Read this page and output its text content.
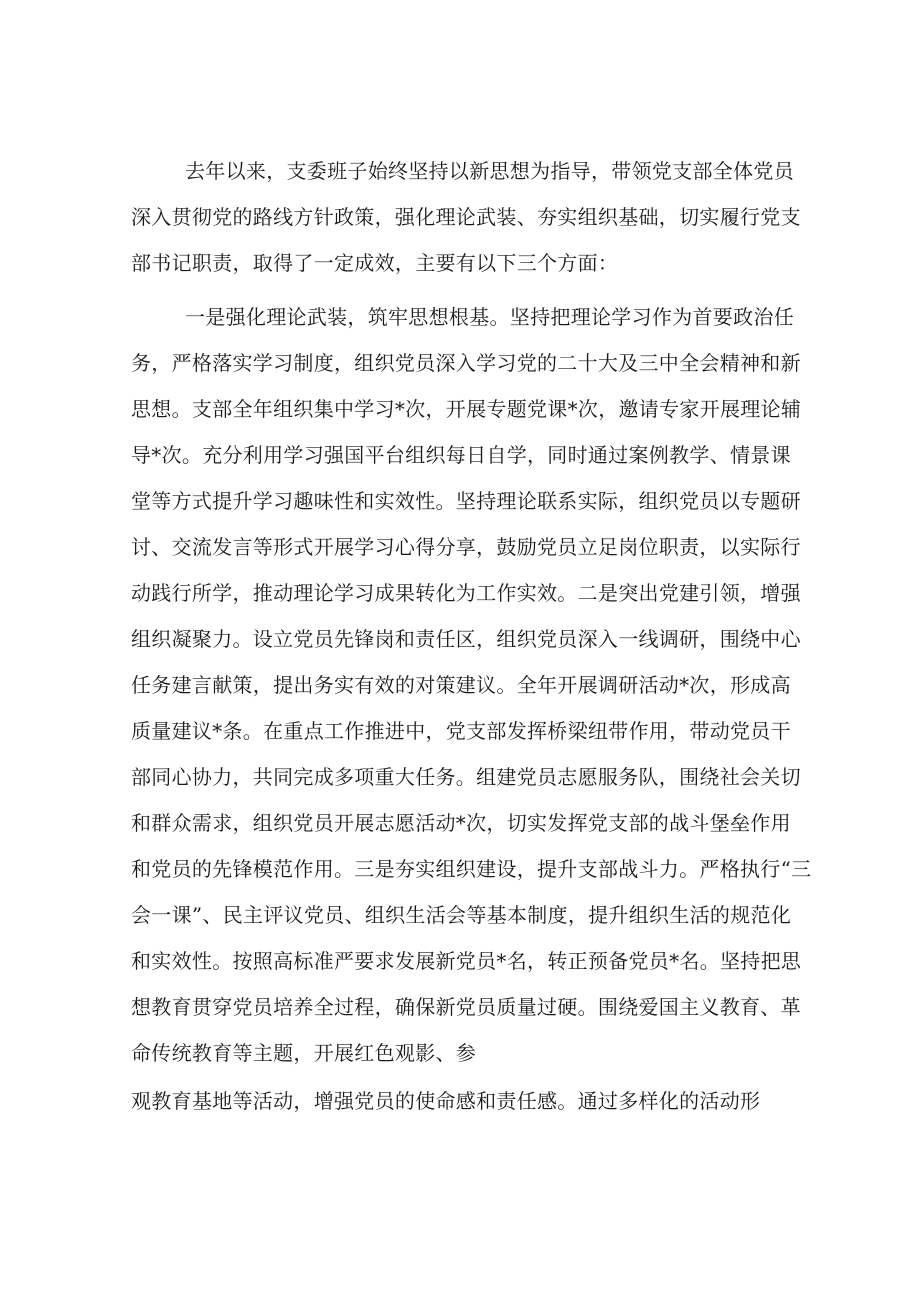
去年以来，支委班子始终坚持以新思想为指导，带领党支部全体党员
深入贯彻党的路线方针政策，强化理论武装、夯实组织基础，切实履行党支
部书记职责，取得了一定成效，主要有以下三个方面：
一是强化理论武装，筑牢思想根基。坚持把理论学习作为首要政治任
务，严格落实学习制度，组织党员深入学习党的二十大及三中全会精神和新
思想。支部全年组织集中学习*次，开展专题党课*次，邀请专家开展理论辅
导*次。充分利用学习强国平台组织每日自学，同时通过案例教学、情景课
堂等方式提升学习趣味性和实效性。坚持理论联系实际，组织党员以专题研
讨、交流发言等形式开展学习心得分享，鼓励党员立足岗位职责，以实际行
动践行所学，推动理论学习成果转化为工作实效。二是突出党建引领，增强
组织凝聚力。设立党员先锋岗和责任区，组织党员深入一线调研，围绕中心
任务建言献策，提出务实有效的对策建议。全年开展调研活动*次，形成高
质量建议*条。在重点工作推进中，党支部发挥桥梁纽带作用，带动党员干
部同心协力，共同完成多项重大任务。组建党员志愿服务队，围绕社会关切
和群众需求，组织党员开展志愿活动*次，切实发挥党支部的战斗堡垒作用
和党员的先锋模范作用。三是夯实组织建设，提升支部战斗力。严格执行“三
会一课”、民主评议党员、组织生活会等基本制度，提升组织生活的规范化
和实效性。按照高标准严要求发展新党员*名，转正预备党员*名。坚持把思
想教育贯穿党员培养全过程，确保新党员质量过硬。围绕爱国主义教育、革
命传统教育等主题，开展红色观影、参
观教育基地等活动，增强党员的使命感和责任感。通过多样化的活动形
